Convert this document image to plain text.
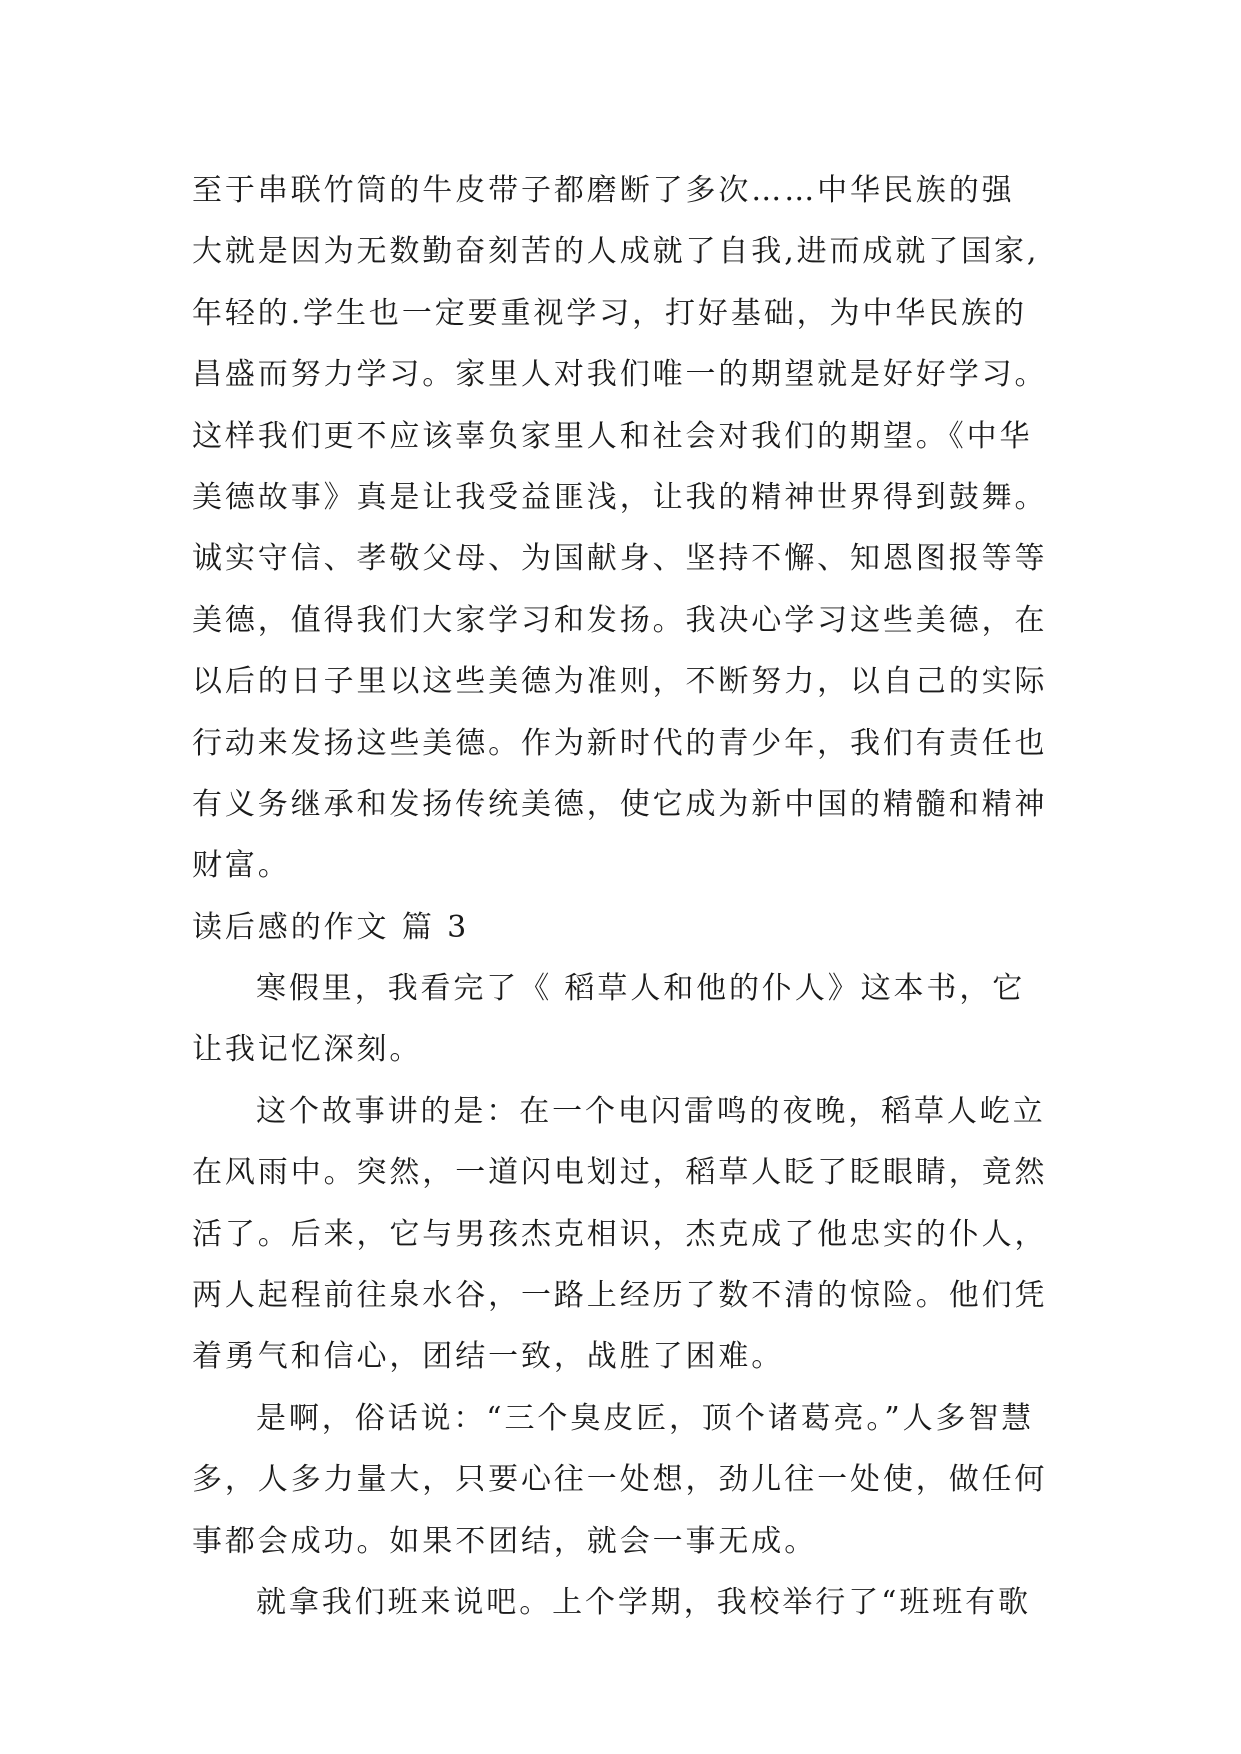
至于串联竹筒的牛皮带子都磨断了多次……中华民族的强
大就是因为无数勤奋刻苦的人成就了自我,进而成就了国家,
年轻的.学生也一定要重视学习，打好基础，为中华民族的
昌盛而努力学习。家里人对我们唯一的期望就是好好学习。
这样我们更不应该辜负家里人和社会对我们的期望。《中华
美德故事》真是让我受益匪浅，让我的精神世界得到鼓舞。
诚实守信、孝敬父母、为国献身、坚持不懈、知恩图报等等
美德，值得我们大家学习和发扬。我决心学习这些美德，在
以后的日子里以这些美德为准则，不断努力，以自己的实际
行动来发扬这些美德。作为新时代的青少年，我们有责任也
有义务继承和发扬传统美德，使它成为新中国的精髓和精神
财富。
读后感的作文 篇 3
寒假里，我看完了《 稻草人和他的仆人》这本书，它
让我记忆深刻。
这个故事讲的是：在一个电闪雷鸣的夜晚，稻草人屹立
在风雨中。突然，一道闪电划过，稻草人眨了眨眼睛，竟然
活了。后来，它与男孩杰克相识，杰克成了他忠实的仆人，
两人起程前往泉水谷，一路上经历了数不清的惊险。他们凭
着勇气和信心，团结一致，战胜了困难。
是啊，俗话说：“三个臭皮匠，顶个诸葛亮。”人多智慧
多，人多力量大，只要心往一处想，劲儿往一处使，做任何
事都会成功。如果不团结，就会一事无成。
就拿我们班来说吧。上个学期，我校举行了“班班有歌
